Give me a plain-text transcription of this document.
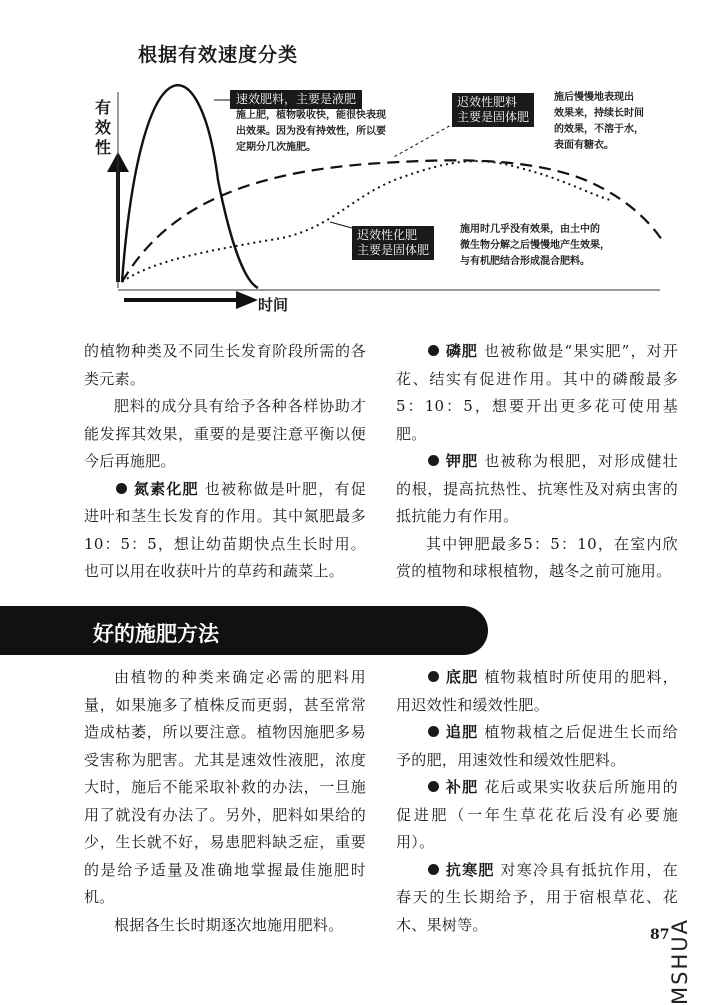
根据有效速度分类
有效性
时间
速效肥料，主要是液肥
施上肥，植物吸收快，能很快表现
出效果。因为没有持效性，所以要
定期分几次施肥。
迟效性肥料
主要是固体肥
施后慢慢地表现出
效果来，持续长时间
的效果，不溶于水，
表面有糖衣。
迟效性化肥
主要是固体肥
施用时几乎没有效果，由土中的
微生物分解之后慢慢地产生效果，
与有机肥结合形成混合肥料。

的植物种类及不同生长发育阶段所需的各类元素。

肥料的成分具有给予各种各样协助才能发挥其效果，重要的是要注意平衡以便今后再施肥。

氮素化肥 也被称做是叶肥，有促进叶和茎生长发育的作用。其中氮肥最多10：5：5，想让幼苗期快点生长时用。也可以用在收获叶片的草药和蔬菜上。

磷肥 也被称做是“果实肥”，对开花、结实有促进作用。其中的磷酸最多5：10：5，想要开出更多花可使用基肥。

钾肥 也被称为根肥，对形成健壮的根，提高抗热性、抗寒性及对病虫害的抵抗能力有作用。

其中钾肥最多5：5：10，在室内欣赏的植物和球根植物，越冬之前可施用。

好的施肥方法

由植物的种类来确定必需的肥料用量，如果施多了植株反而更弱，甚至常常造成枯萎，所以要注意。植物因施肥多易受害称为肥害。尤其是速效性液肥，浓度大时，施后不能采取补救的办法，一旦施用了就没有办法了。另外，肥料如果给的少，生长就不好，易患肥料缺乏症，重要的是给予适量及准确地掌握最佳施肥时机。

根据各生长时期逐次地施用肥料。

底肥 植物栽植时所使用的肥料，用迟效性和缓效性肥。

追肥 植物栽植之后促进生长而给予的肥，用速效性和缓效性肥料。

补肥 花后或果实收获后所施用的促进肥（一年生草花花后没有必要施用）。

抗寒肥 对寒冷具有抵抗作用，在春天的生长期给予，用于宿根草花、花木、果树等。

87
MSHUA
